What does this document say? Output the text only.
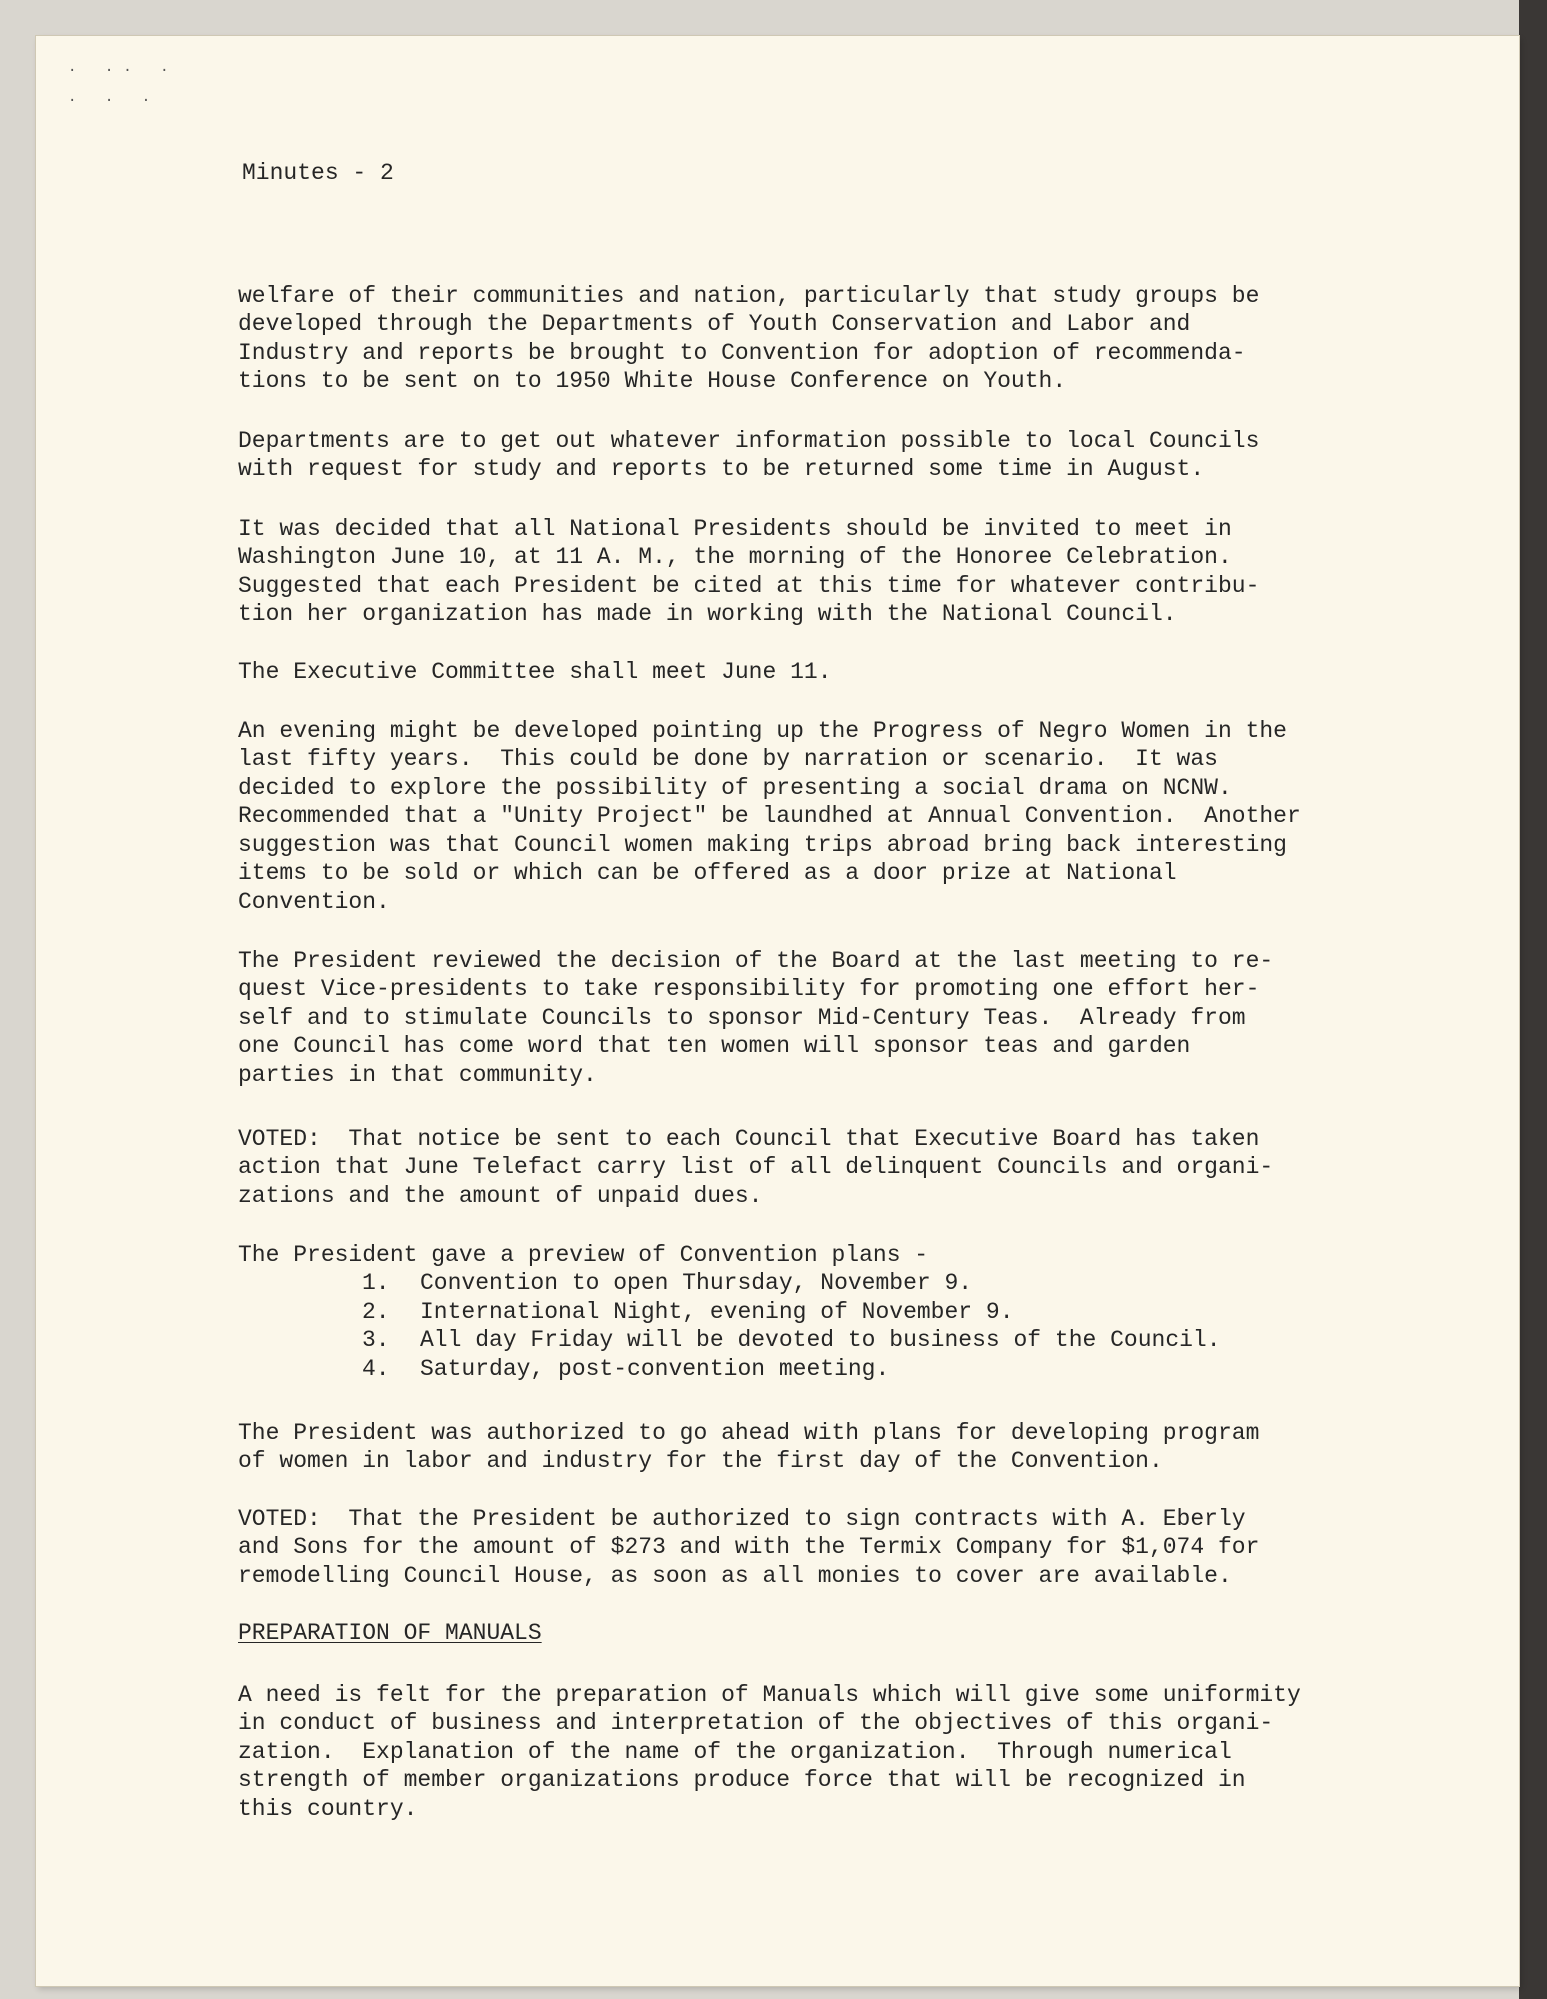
· ·· ·
· · ·
Minutes - 2

welfare of their communities and nation, particularly that study groups be
developed through the Departments of Youth Conservation and Labor and
Industry and reports be brought to Convention for adoption of recommenda-
tions to be sent on to 1950 White House Conference on Youth.

Departments are to get out whatever information possible to local Councils
with request for study and reports to be returned some time in August.

It was decided that all National Presidents should be invited to meet in
Washington June 10, at 11 A. M., the morning of the Honoree Celebration.
Suggested that each President be cited at this time for whatever contribu-
tion her organization has made in working with the National Council.

The Executive Committee shall meet June 11.

An evening might be developed pointing up the Progress of Negro Women in the
last fifty years.  This could be done by narration or scenario.  It was
decided to explore the possibility of presenting a social drama on NCNW.
Recommended that a "Unity Project" be laundhed at Annual Convention.  Another
suggestion was that Council women making trips abroad bring back interesting
items to be sold or which can be offered as a door prize at National
Convention.

The President reviewed the decision of the Board at the last meeting to re-
quest Vice-presidents to take responsibility for promoting one effort her-
self and to stimulate Councils to sponsor Mid-Century Teas.  Already from
one Council has come word that ten women will sponsor teas and garden
parties in that community.

VOTED:  That notice be sent to each Council that Executive Board has taken
action that June Telefact carry list of all delinquent Councils and organi-
zations and the amount of unpaid dues.

The President gave a preview of Convention plans -
1. Convention to open Thursday, November 9.
2. International Night, evening of November 9.
3. All day Friday will be devoted to business of the Council.
4. Saturday, post-convention meeting.

The President was authorized to go ahead with plans for developing program
of women in labor and industry for the first day of the Convention.

VOTED:  That the President be authorized to sign contracts with A. Eberly
and Sons for the amount of $273 and with the Termix Company for $1,074 for
remodelling Council House, as soon as all monies to cover are available.

PREPARATION OF MANUALS

A need is felt for the preparation of Manuals which will give some uniformity
in conduct of business and interpretation of the objectives of this organi-
zation.  Explanation of the name of the organization.  Through numerical
strength of member organizations produce force that will be recognized in
this country.
